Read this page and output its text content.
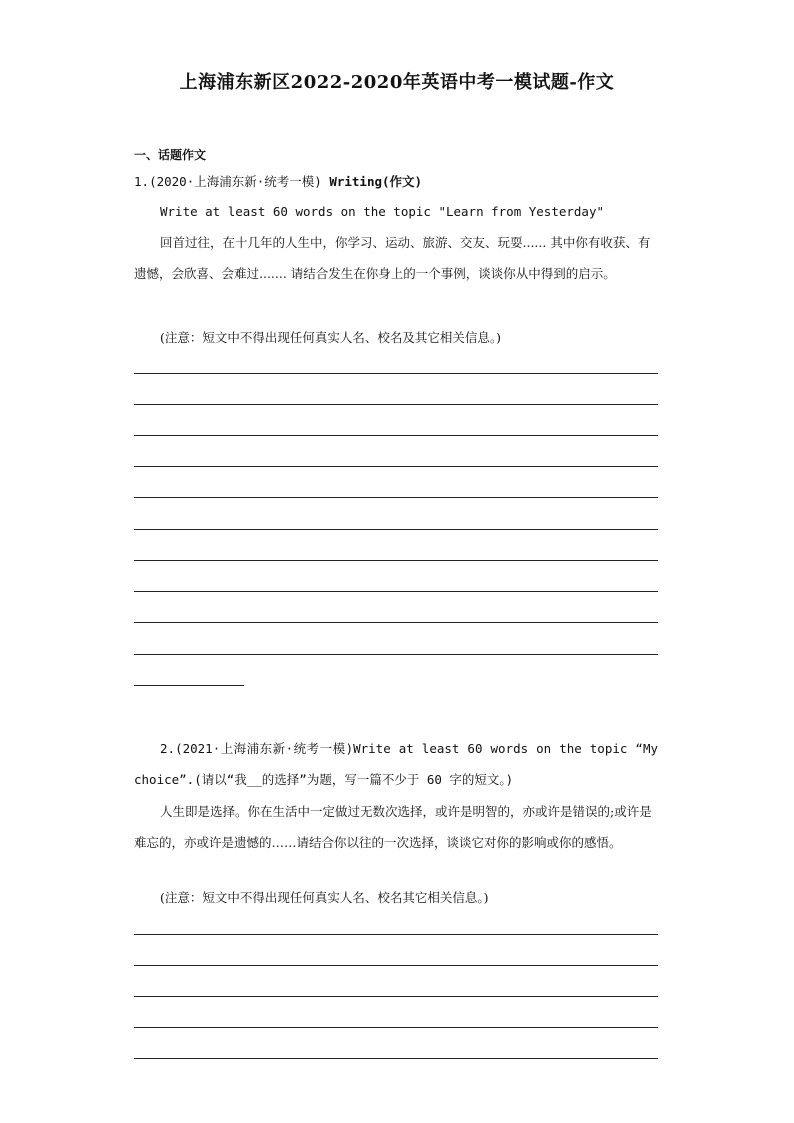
上海浦东新区2022-2020年英语中考一模试题-作文
一、话题作文
1.(2020·上海浦东新·统考一模) Writing(作文)
Write at least 60 words on the topic "Learn from Yesterday"
回首过往，在十几年的人生中，你学习、运动、旅游、交友、玩耍...... 其中你有收获、有遗憾，会欣喜、会难过....... 请结合发生在你身上的一个事例，谈谈你从中得到的启示。
(注意：短文中不得出现任何真实人名、校名及其它相关信息。)
2.(2021·上海浦东新·统考一模)Write at least 60 words on the topic “My choice”.(请以“我__的选择”为题，写一篇不少于 60 字的短文。)
人生即是选择。你在生活中一定做过无数次选择，或许是明智的，亦或许是错误的;或许是难忘的，亦或许是遗憾的……请结合你以往的一次选择，谈谈它对你的影响或你的感悟。
(注意：短文中不得出现任何真实人名、校名其它相关信息。)
